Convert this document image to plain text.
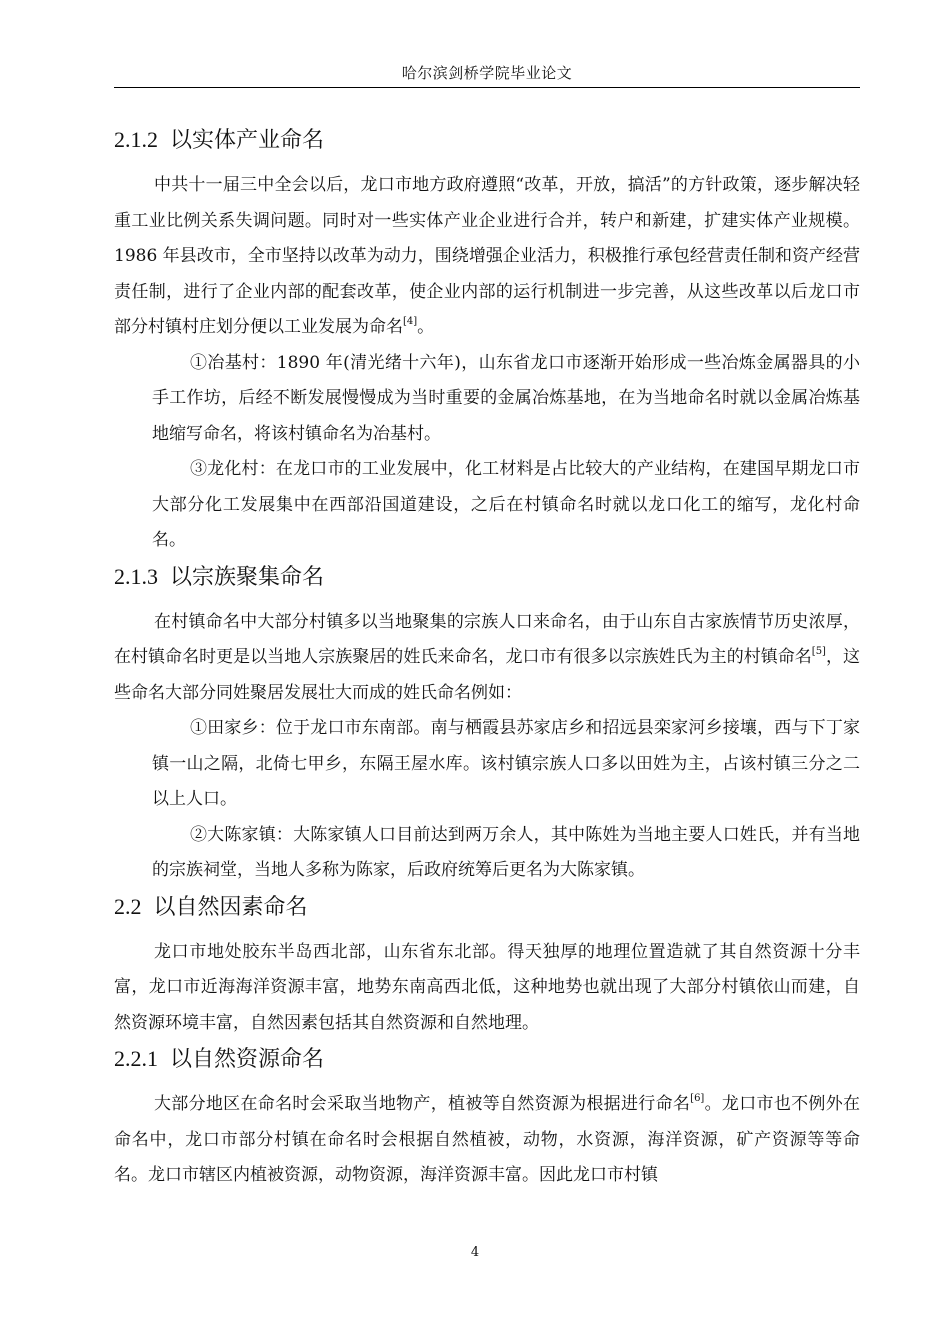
哈尔滨剑桥学院毕业论文
2.1.2 以实体产业命名

中共十一届三中全会以后，龙口市地方政府遵照“改革，开放，搞活”的方针政策，逐步解决轻重工业比例关系失调问题。同时对一些实体产业企业进行合并，转户和新建，扩建实体产业规模。1986 年县改市，全市坚持以改革为动力，围绕增强企业活力，积极推行承包经营责任制和资产经营责任制，进行了企业内部的配套改革，使企业内部的运行机制进一步完善，从这些改革以后龙口市部分村镇村庄划分便以工业发展为命名[4]。

①冶基村：1890 年(清光绪十六年)，山东省龙口市逐渐开始形成一些冶炼金属器具的小手工作坊，后经不断发展慢慢成为当时重要的金属冶炼基地，在为当地命名时就以金属冶炼基地缩写命名，将该村镇命名为冶基村。

③龙化村：在龙口市的工业发展中，化工材料是占比较大的产业结构，在建国早期龙口市大部分化工发展集中在西部沿国道建设，之后在村镇命名时就以龙口化工的缩写，龙化村命名。

2.1.3 以宗族聚集命名

在村镇命名中大部分村镇多以当地聚集的宗族人口来命名，由于山东自古家族情节历史浓厚，在村镇命名时更是以当地人宗族聚居的姓氏来命名，龙口市有很多以宗族姓氏为主的村镇命名[5]，这些命名大部分同姓聚居发展壮大而成的姓氏命名例如：

①田家乡：位于龙口市东南部。南与栖霞县苏家店乡和招远县栾家河乡接壤，西与下丁家镇一山之隔，北倚七甲乡，东隔王屋水库。该村镇宗族人口多以田姓为主，占该村镇三分之二以上人口。

②大陈家镇：大陈家镇人口目前达到两万余人，其中陈姓为当地主要人口姓氏，并有当地的宗族祠堂，当地人多称为陈家，后政府统筹后更名为大陈家镇。

2.2 以自然因素命名

龙口市地处胶东半岛西北部，山东省东北部。得天独厚的地理位置造就了其自然资源十分丰富，龙口市近海海洋资源丰富，地势东南高西北低，这种地势也就出现了大部分村镇依山而建，自然资源环境丰富，自然因素包括其自然资源和自然地理。

2.2.1 以自然资源命名

大部分地区在命名时会采取当地物产，植被等自然资源为根据进行命名[6]。龙口市也不例外在命名中，龙口市部分村镇在命名时会根据自然植被，动物，水资源，海洋资源，矿产资源等等命名。龙口市辖区内植被资源，动物资源，海洋资源丰富。因此龙口市村镇

4
